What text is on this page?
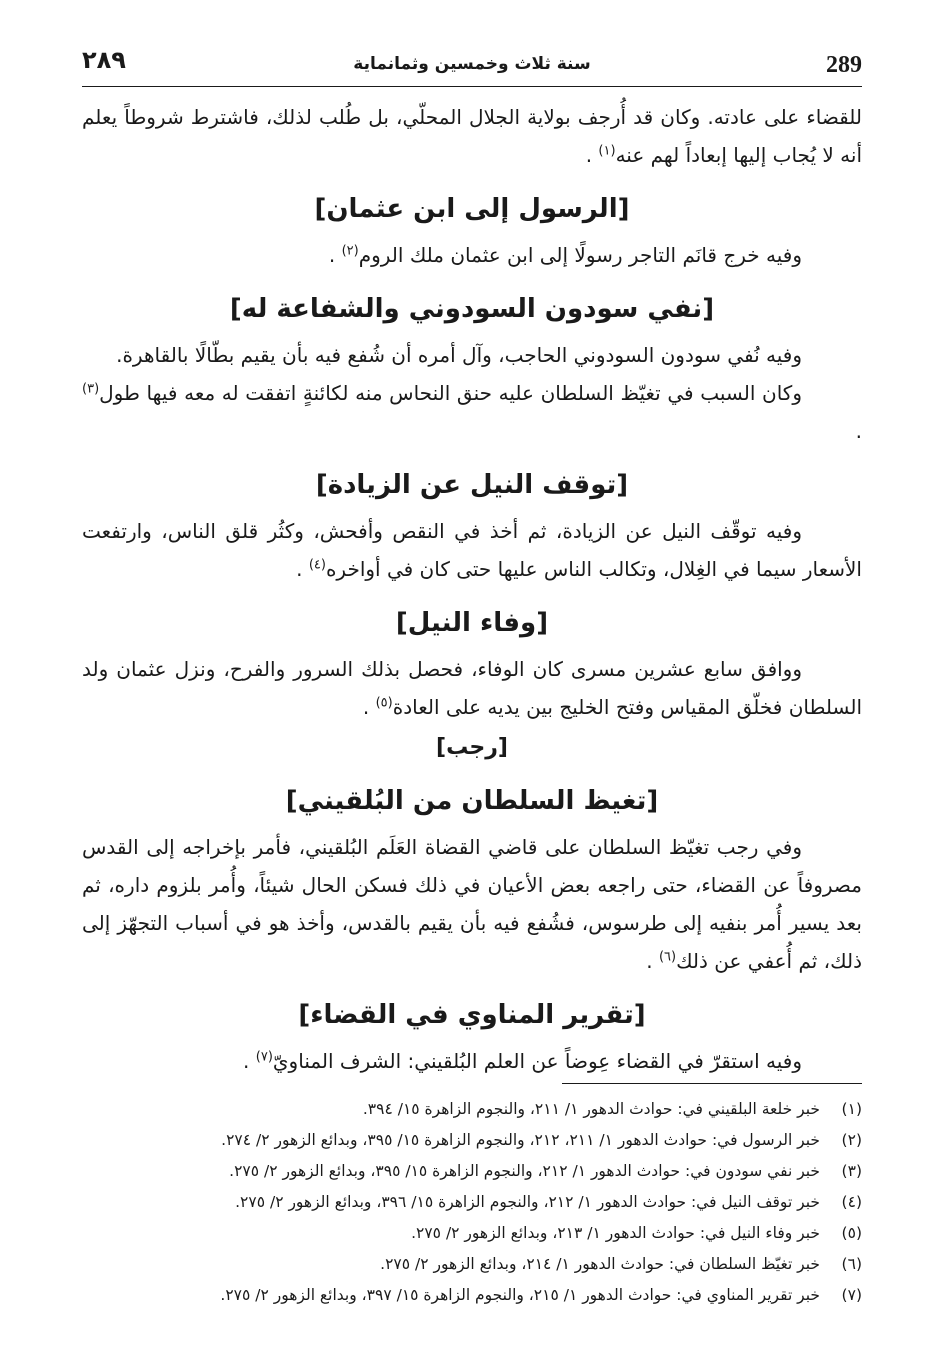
289
سنة ثلاث وخمسين وثمانماية
٢٨٩

للقضاء على عادته. وكان قد أُرجف بولاية الجلال المحلّي، بل طُلب لذلك، فاشترط شروطاً يعلم أنه لا يُجاب إليها إبعاداً لهم عنه$^{(١)}$ .

[الرسول إلى ابن عثمان]

وفيه خرج قانَم التاجر رسولًا إلى ابن عثمان ملك الروم$^{(٢)}$ .

[نفي سودون السودوني والشفاعة له]

وفيه نُفي سودون السودوني الحاجب، وآل أمره أن شُفع فيه بأن يقيم بطّالًا بالقاهرة.

وكان السبب في تغيّظ السلطان عليه حنق النحاس منه لكائنةٍ اتفقت له معه فيها طول$^{(٣)}$ .

[توقف النيل عن الزيادة]

وفيه توقّف النيل عن الزيادة، ثم أخذ في النقص وأفحش، وكثُر قلق الناس، وارتفعت الأسعار سيما في الغِلال، وتكالب الناس عليها حتى كان في أواخره$^{(٤)}$ .

[وفاء النيل]

ووافق سابع عشرين مسرى كان الوفاء، فحصل بذلك السرور والفرح، ونزل عثمان ولد السلطان فخلّق المقياس وفتح الخليج بين يديه على العادة$^{(٥)}$ .

[رجب]
[تغيظ السلطان من البُلقيني]

وفي رجب تغيّظ السلطان على قاضي القضاة العَلَم البُلقيني، فأمر بإخراجه إلى القدس مصروفاً عن القضاء، حتى راجعه بعض الأعيان في ذلك فسكن الحال شيئاً، وأُمر بلزوم داره، ثم بعد يسير أُمر بنفيه إلى طرسوس، فشُفع فيه بأن يقيم بالقدس، وأخذ هو في أسباب التجهّز إلى ذلك، ثم أُعفي عن ذلك$^{(٦)}$ .

[تقرير المناوي في القضاء]

وفيه استقرّ في القضاء عِوضاً عن العلم البُلقيني: الشرف المناويّ$^{(٧)}$ .

(١)
خبر خلعة البلقيني في: حوادث الدهور ١/ ٢١١، والنجوم الزاهرة ١٥/ ٣٩٤.
(٢)
خبر الرسول في: حوادث الدهور ١/ ٢١١، ٢١٢، والنجوم الزاهرة ١٥/ ٣٩٥، وبدائع الزهور ٢/ ٢٧٤.
(٣)
خبر نفي سودون في: حوادث الدهور ١/ ٢١٢، والنجوم الزاهرة ١٥/ ٣٩٥، وبدائع الزهور ٢/ ٢٧٥.
(٤)
خبر توقف النيل في: حوادث الدهور ١/ ٢١٢، والنجوم الزاهرة ١٥/ ٣٩٦، وبدائع الزهور ٢/ ٢٧٥.
(٥)
خبر وفاء النيل في: حوادث الدهور ١/ ٢١٣، وبدائع الزهور ٢/ ٢٧٥.
(٦)
خبر تغيّظ السلطان في: حوادث الدهور ١/ ٢١٤، وبدائع الزهور ٢/ ٢٧٥.
(٧)
خبر تقرير المناوي في: حوادث الدهور ١/ ٢١٥، والنجوم الزاهرة ١٥/ ٣٩٧، وبدائع الزهور ٢/ ٢٧٥.
